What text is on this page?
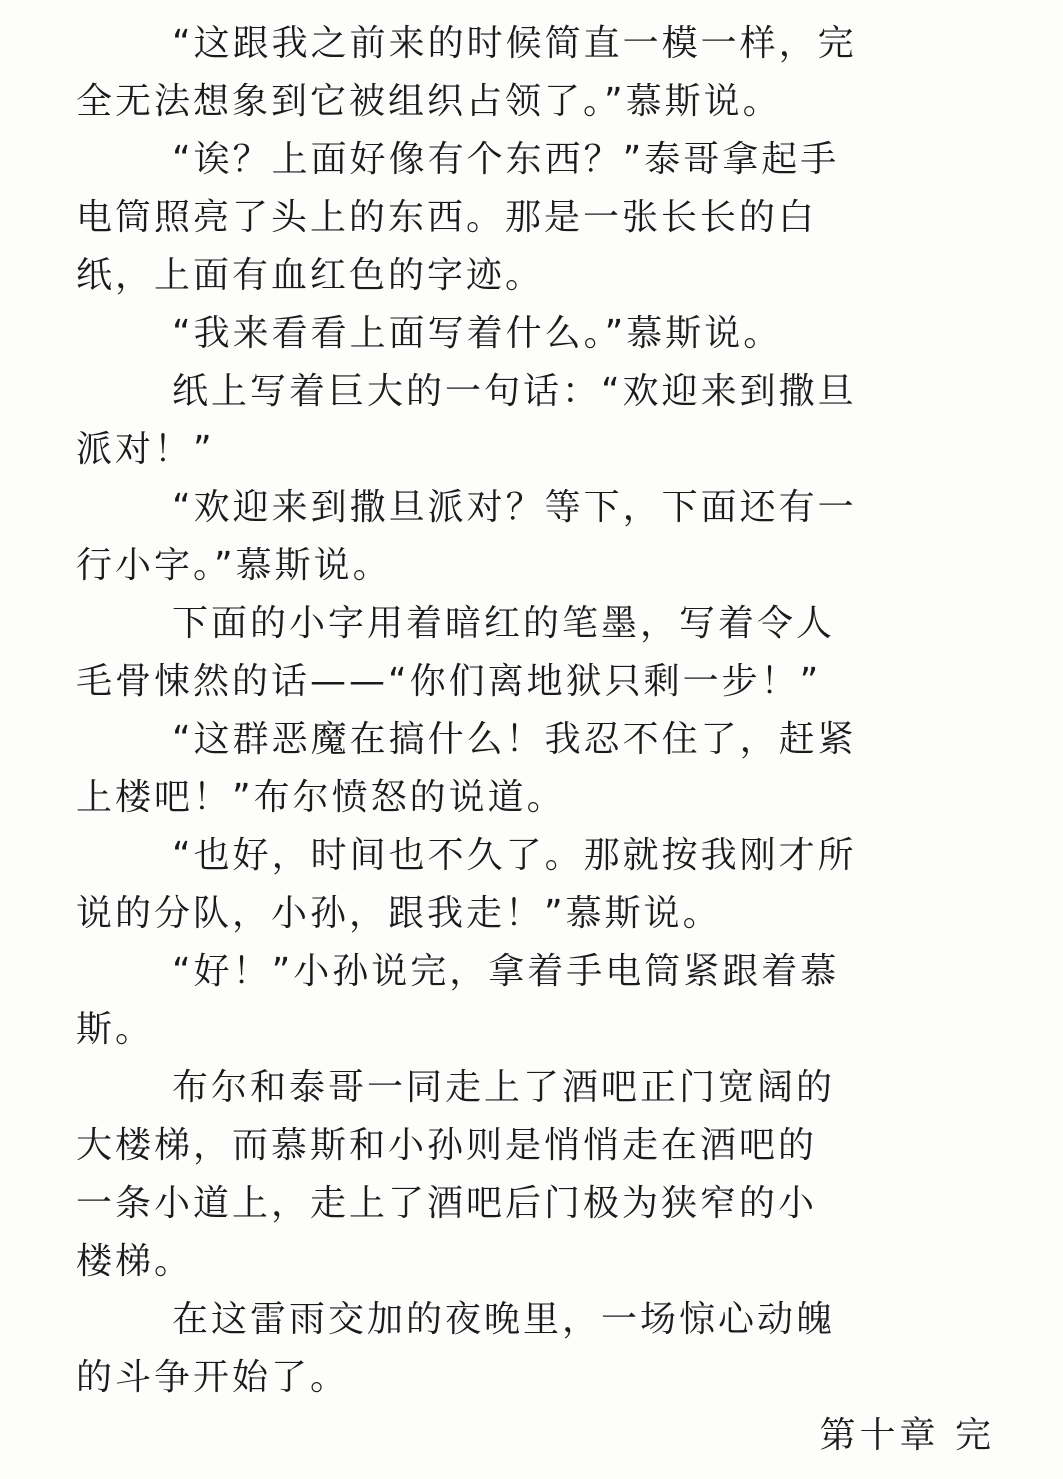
“这跟我之前来的时候简直一模一样，完
全无法想象到它被组织占领了。”慕斯说。
“诶？上面好像有个东西？”泰哥拿起手
电筒照亮了头上的东西。那是一张长长的白
纸，上面有血红色的字迹。
“我来看看上面写着什么。”慕斯说。
纸上写着巨大的一句话：“欢迎来到撒旦
派对！”
“欢迎来到撒旦派对？等下，下面还有一
行小字。”慕斯说。
下面的小字用着暗红的笔墨，写着令人
毛骨悚然的话——“你们离地狱只剩一步！”
“这群恶魔在搞什么！我忍不住了，赶紧
上楼吧！”布尔愤怒的说道。
“也好，时间也不久了。那就按我刚才所
说的分队，小孙，跟我走！”慕斯说。
“好！”小孙说完，拿着手电筒紧跟着慕
斯。
布尔和泰哥一同走上了酒吧正门宽阔的
大楼梯，而慕斯和小孙则是悄悄走在酒吧的
一条小道上，走上了酒吧后门极为狭窄的小
楼梯。
在这雷雨交加的夜晚里，一场惊心动魄
的斗争开始了。
第十章 完
